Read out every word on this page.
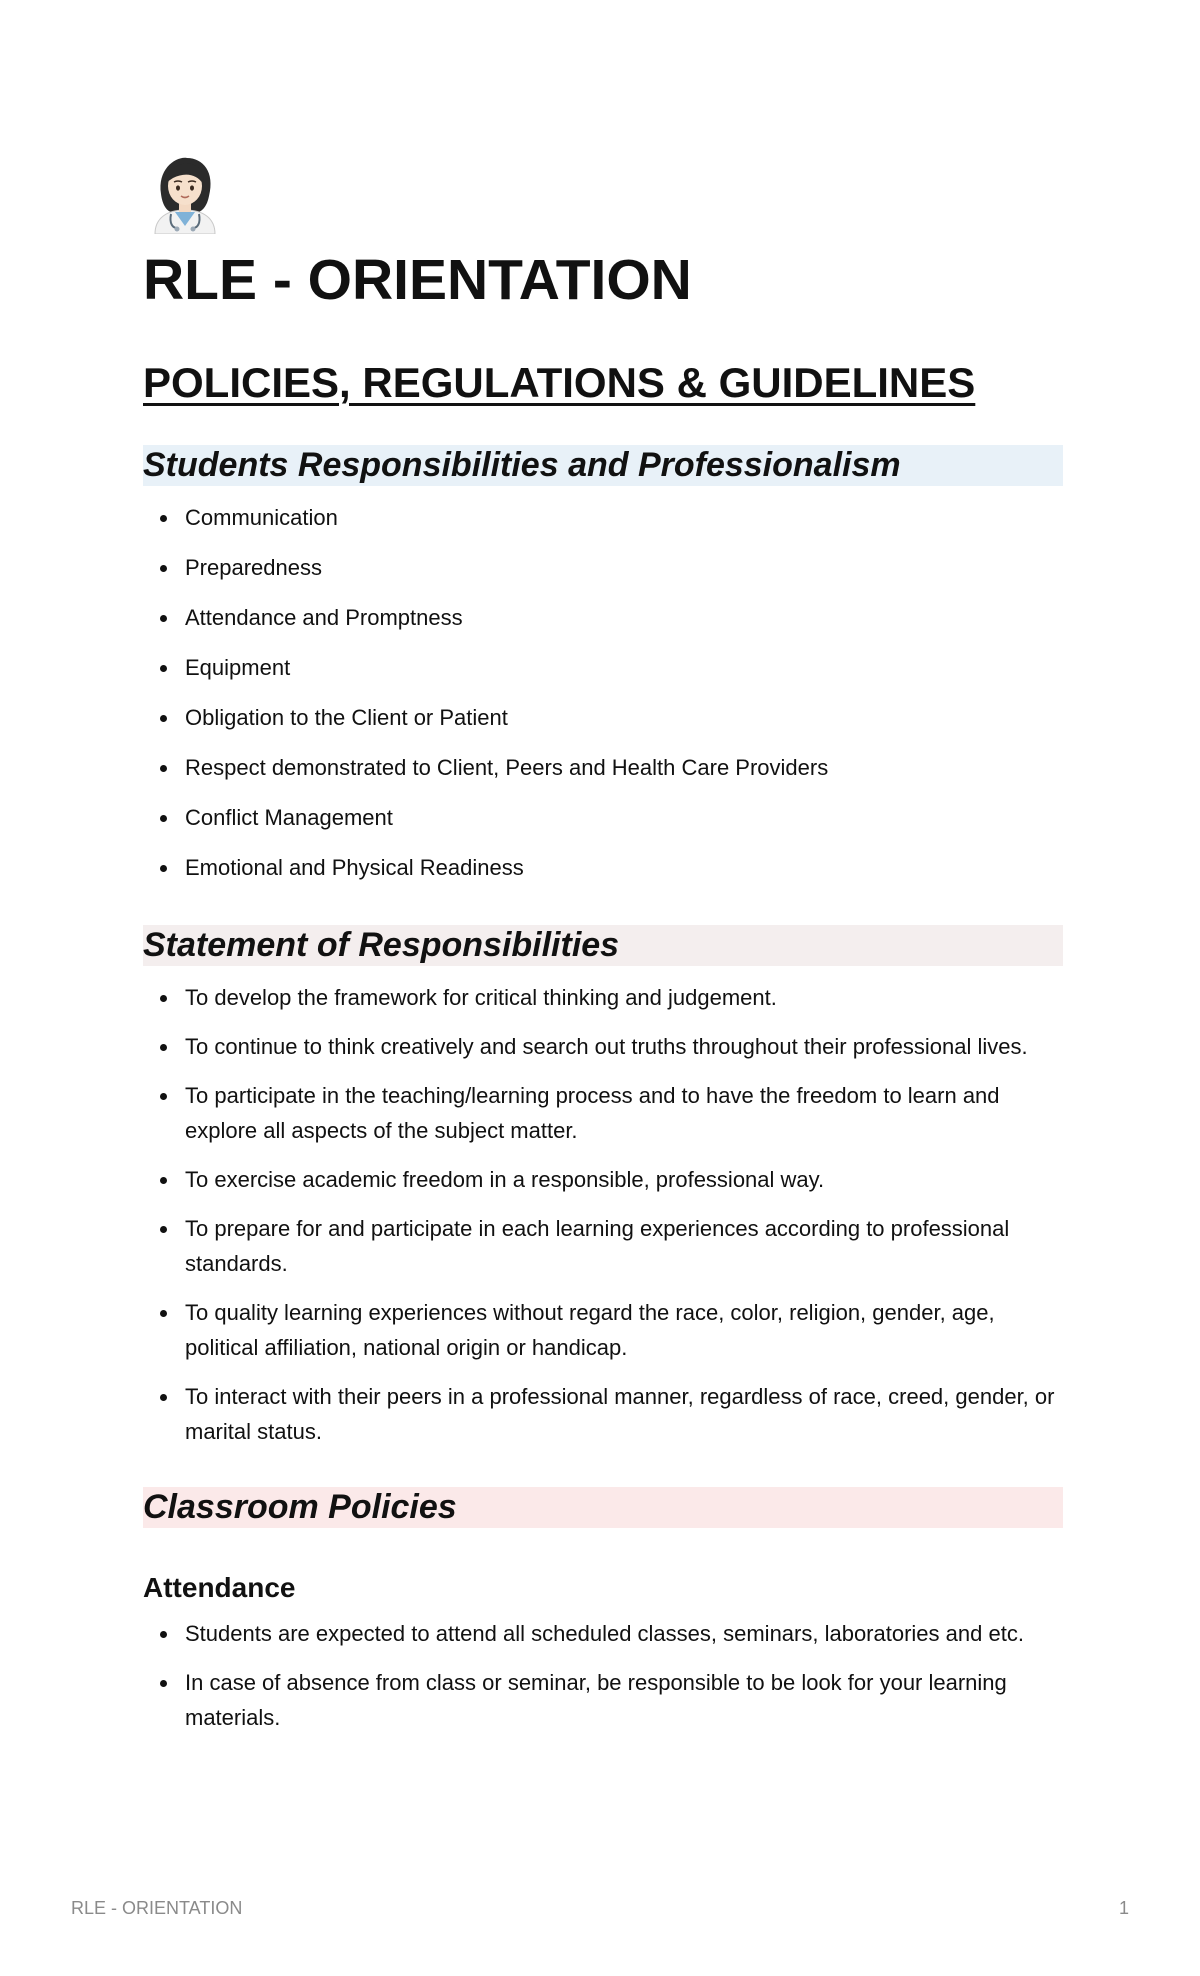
RLE - ORIENTATION
POLICIES, REGULATIONS & GUIDELINES
Students Responsibilities and Professionalism
Communication
Preparedness
Attendance and Promptness
Equipment
Obligation to the Client or Patient
Respect demonstrated to Client, Peers and Health Care Providers
Conflict Management
Emotional and Physical Readiness
Statement of Responsibilities
To develop the framework for critical thinking and judgement.
To continue to think creatively and search out truths throughout their professional lives.
To participate in the teaching/learning process and to have the freedom to learn and explore all aspects of the subject matter.
To exercise academic freedom in a responsible, professional way.
To prepare for and participate in each learning experiences according to professional standards.
To quality learning experiences without regard the race, color, religion, gender, age, political affiliation, national origin or handicap.
To interact with their peers in a professional manner, regardless of race, creed, gender, or marital status.
Classroom Policies
Attendance
Students are expected to attend all scheduled classes, seminars, laboratories and etc.
In case of absence from class or seminar, be responsible to be look for your learning materials.
RLE - ORIENTATION	1
